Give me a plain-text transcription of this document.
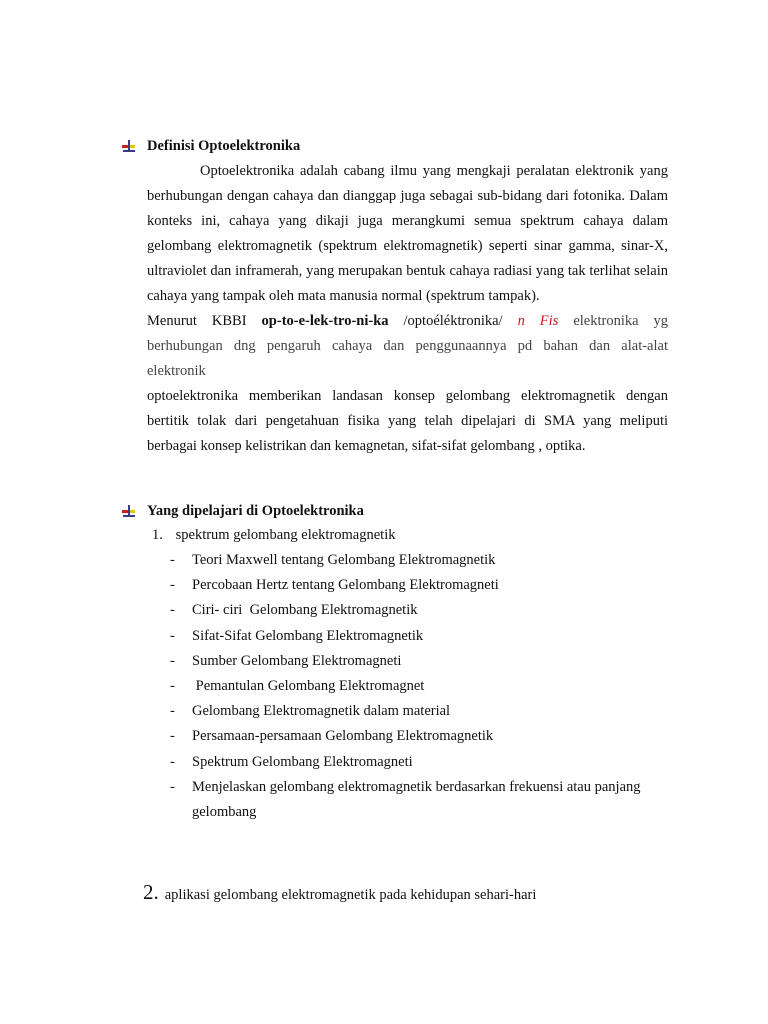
Definisi Optoelektronika

Optoelektronika adalah cabang ilmu yang mengkaji peralatan elektronik yang berhubungan dengan cahaya dan dianggap juga sebagai sub-bidang dari fotonika. Dalam konteks ini, cahaya yang dikaji juga merangkumi semua spektrum cahaya dalam gelombang elektromagnetik (spektrum elektromagnetik) seperti sinar gamma, sinar-X, ultraviolet dan inframerah, yang merupakan bentuk cahaya radiasi yang tak terlihat selain cahaya yang tampak oleh mata manusia normal (spektrum tampak).

Menurut KBBI op-to-e-lek-tro-ni-ka /optoéléktronika/ n Fis elektronika yg
berhubungan dng pengaruh cahaya dan penggunaannya pd bahan dan alat-alat
elektronik

optoelektronika memberikan landasan konsep gelombang elektromagnetik dengan bertitik tolak dari pengetahuan fisika yang telah dipelajari di SMA yang meliputi berbagai konsep kelistrikan dan kemagnetan, sifat-sifat gelombang , optika.

Yang dipelajari di Optoelektronika
1. spektrum gelombang elektromagnetik
-	Teori Maxwell tentang Gelombang Elektromagnetik
-	Percobaan Hertz tentang Gelombang Elektromagneti
-	Ciri- ciri  Gelombang Elektromagnetik
-	Sifat-Sifat Gelombang Elektromagnetik
-	Sumber Gelombang Elektromagneti
-	Pemantulan Gelombang Elektromagnet
-	Gelombang Elektromagnetik dalam material
-	Persamaan-persamaan Gelombang Elektromagnetik
-	Spektrum Gelombang Elektromagneti
-	Menjelaskan gelombang elektromagnetik berdasarkan frekuensi atau panjang gelombang
2. aplikasi gelombang elektromagnetik pada kehidupan sehari-hari
